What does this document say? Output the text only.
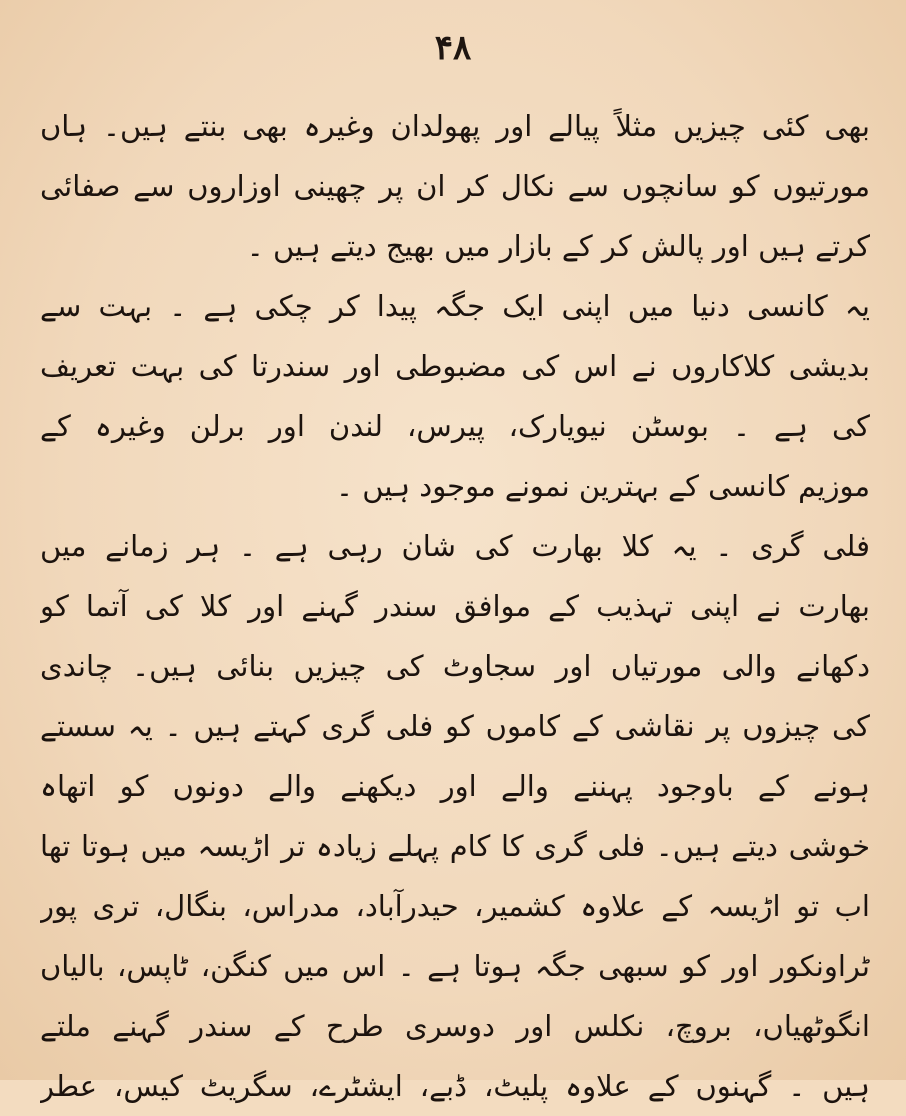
۴۸
بھی کئی چیزیں مثلاً پیالے اور پھولدان وغیرہ بھی بنتے ہیں۔ ہاں
مورتیوں کو سانچوں سے نکال کر ان پر چھینی اوزاروں سے صفائی
کرتے ہیں اور پالش کر کے بازار میں بھیج دیتے ہیں ۔
یہ کانسی دنیا میں اپنی ایک جگہ پیدا کر چکی ہے ۔ بہت سے
بدیشی کلاکاروں نے اس کی مضبوطی اور سندرتا کی بہت تعریف
کی ہے ۔ بوسٹن نیویارک، پیرس، لندن اور برلن وغیرہ کے
موزیم کانسی کے بہترین نمونے موجود ہیں ۔
فلی گری ۔ یہ کلا بھارت کی شان رہی ہے ۔ ہر زمانے میں
بھارت نے اپنی تہذیب کے موافق سندر گہنے اور کلا کی آتما کو
دکھانے والی مورتیاں اور سجاوٹ کی چیزیں بنائی ہیں۔ چاندی
کی چیزوں پر نقاشی کے کاموں کو فلی گری کہتے ہیں ۔ یہ سستے
ہونے کے باوجود پہننے والے اور دیکھنے والے دونوں کو اتھاہ
خوشی دیتے ہیں۔ فلی گری کا کام پہلے زیادہ تر اڑیسہ میں ہوتا تھا
اب تو اڑیسہ کے علاوہ کشمیر، حیدرآباد، مدراس، بنگال، تری پور
ٹراونکور اور کو سبھی جگہ ہوتا ہے ۔ اس میں کنگن، ٹاپس، بالیاں
انگوٹھیاں، بروچ، نکلس اور دوسری طرح کے سندر گہنے ملتے
ہیں ۔ گہنوں کے علاوہ پلیٹ، ڈبے، ایشٹرے، سگریٹ کیس، عطر
